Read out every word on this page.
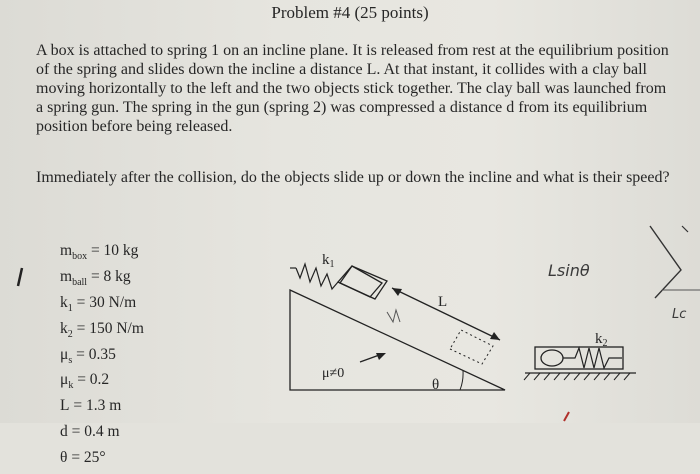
Problem #4 (25 points)
A box is attached to spring 1 on an incline plane. It is released from rest at the equilibrium position of the spring and slides down the incline a distance L. At that instant, it collides with a clay ball moving horizontally to the left and the two objects stick together. The clay ball was launched from a spring gun. The spring in the gun (spring 2) was compressed a distance d from its equilibrium position before being released.
Immediately after the collision, do the objects slide up or down the incline and what is their speed?
$m_{box} = 10$ kg
$m_{ball} = 8$ kg
$k_1 = 30$ N/m
$k_2 = 150$ N/m
$\mu_s = 0.35$
$\mu_k = 0.2$
L = 1.3 m
d = 0.4 m
θ = 25°
θ
$k_1$
L
μ≠0
$k_2$
Lsinθ
Lc
